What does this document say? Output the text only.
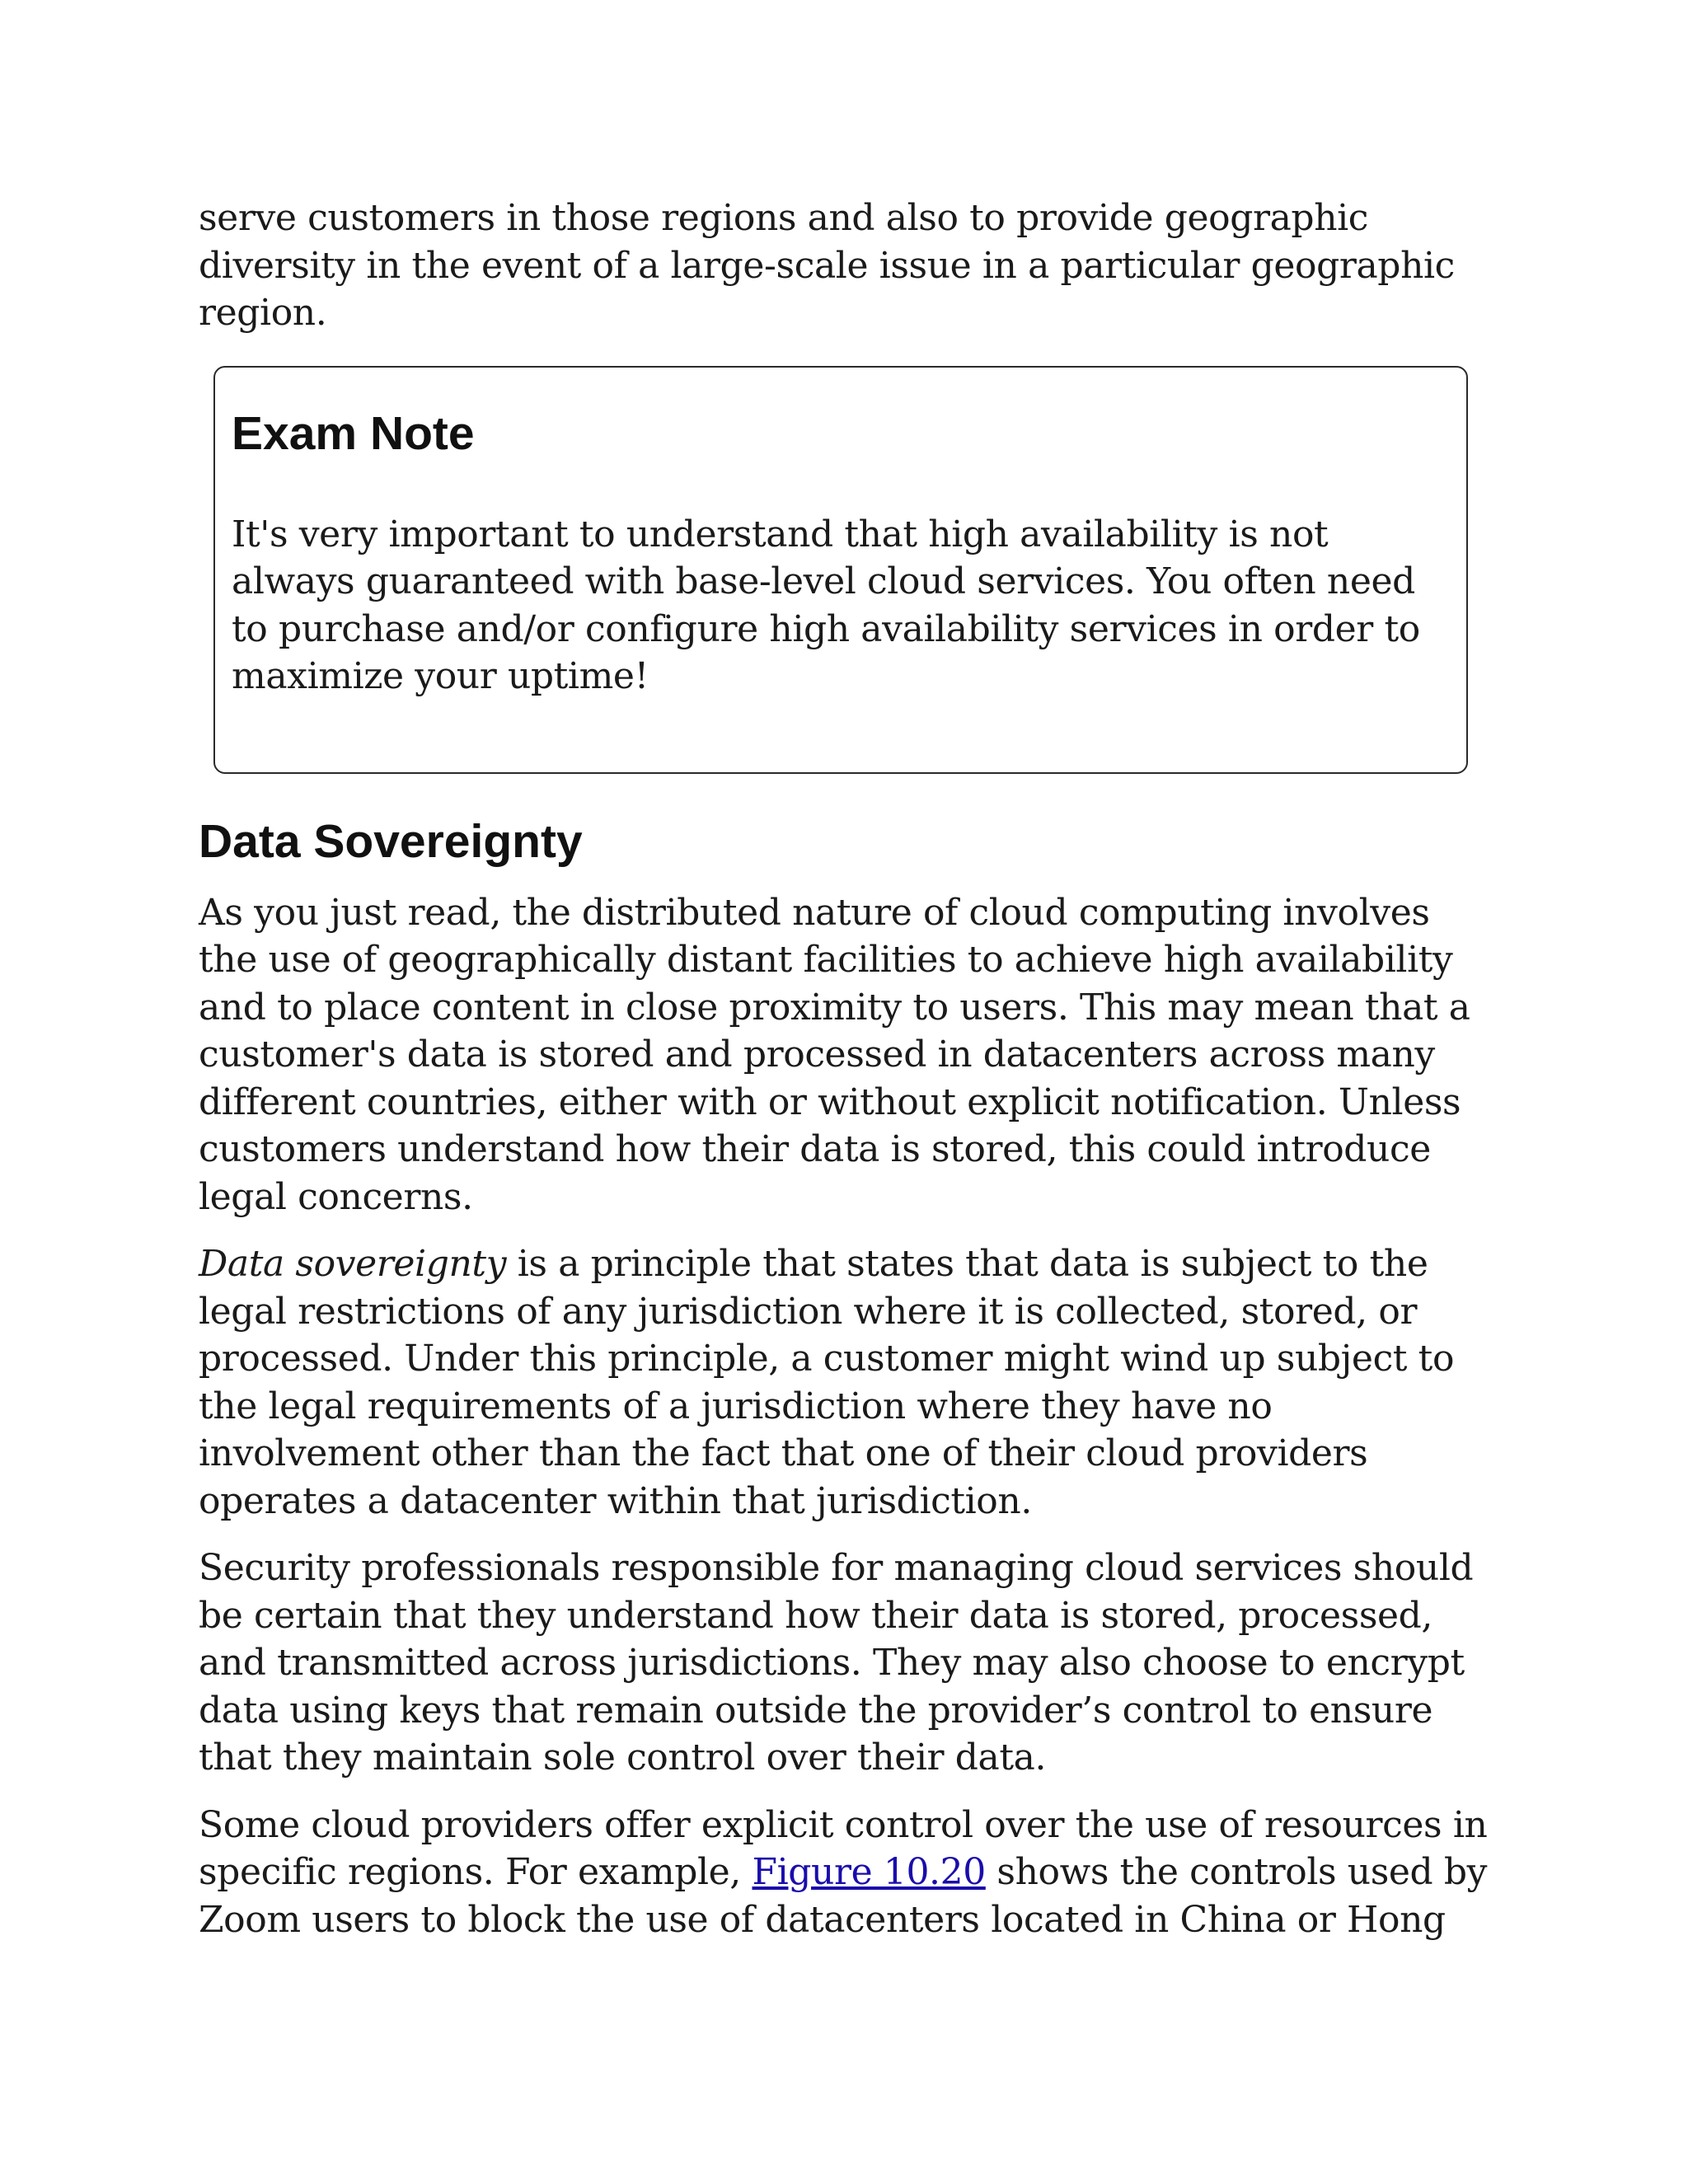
serve customers in those regions and also to provide geographic
diversity in the event of a large-scale issue in a particular geographic
region.

Exam Note

It's very important to understand that high availability is not
always guaranteed with base-level cloud services. You often need
to purchase and/or configure high availability services in order to
maximize your uptime!

Data Sovereignty

As you just read, the distributed nature of cloud computing involves
the use of geographically distant facilities to achieve high availability
and to place content in close proximity to users. This may mean that a
customer's data is stored and processed in datacenters across many
different countries, either with or without explicit notification. Unless
customers understand how their data is stored, this could introduce
legal concerns.

Data sovereignty is a principle that states that data is subject to the
legal restrictions of any jurisdiction where it is collected, stored, or
processed. Under this principle, a customer might wind up subject to
the legal requirements of a jurisdiction where they have no
involvement other than the fact that one of their cloud providers
operates a datacenter within that jurisdiction.

Security professionals responsible for managing cloud services should
be certain that they understand how their data is stored, processed,
and transmitted across jurisdictions. They may also choose to encrypt
data using keys that remain outside the provider’s control to ensure
that they maintain sole control over their data.

Some cloud providers offer explicit control over the use of resources in
specific regions. For example, Figure 10.20 shows the controls used by
Zoom users to block the use of datacenters located in China or Hong
